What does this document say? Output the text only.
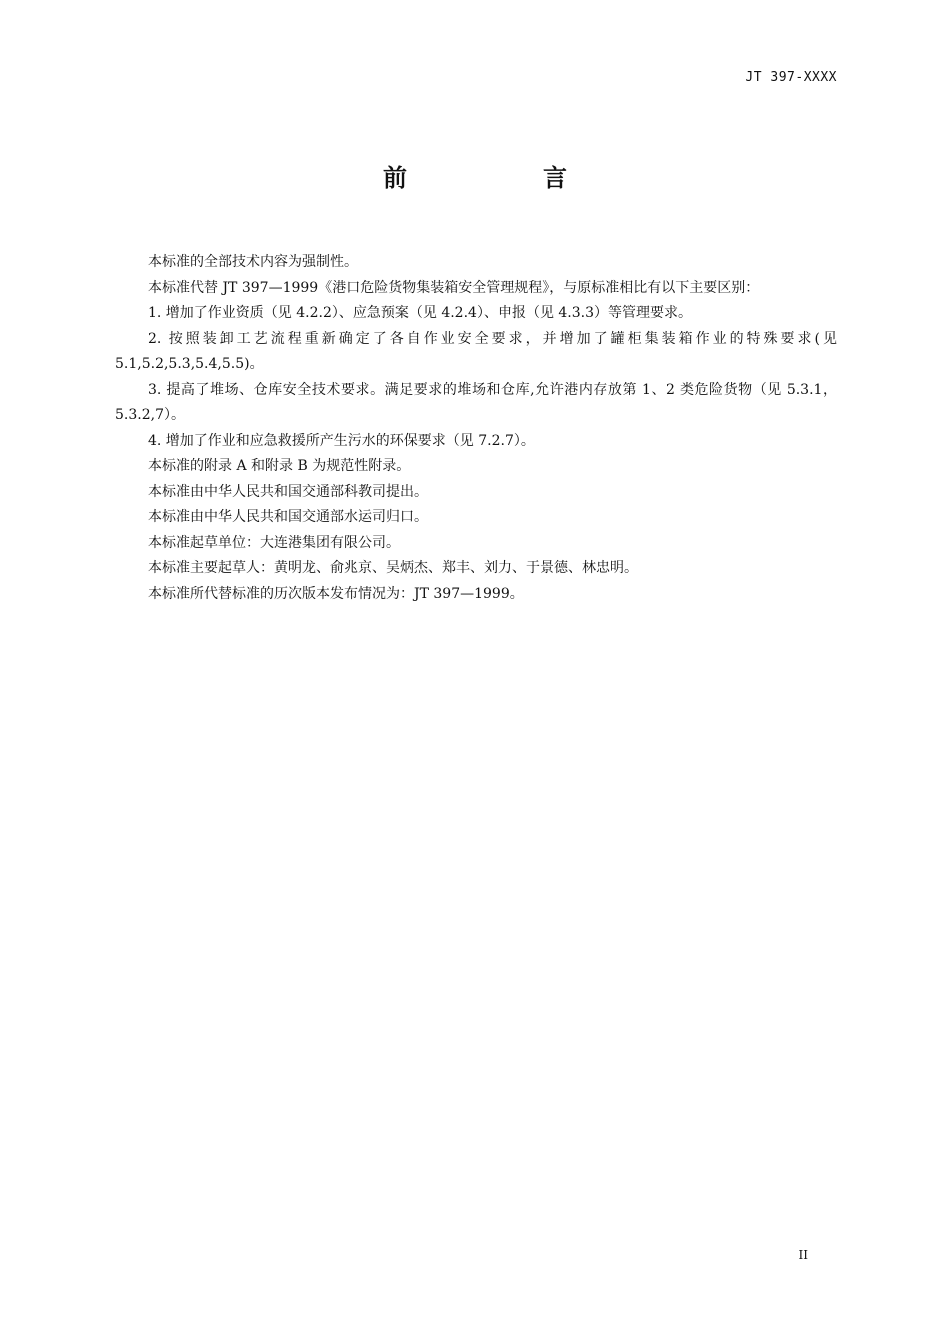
JT 397-XXXX
前　言

本标准的全部技术内容为强制性。

本标准代替 JT 397—1999《港口危险货物集装箱安全管理规程》，与原标准相比有以下主要区别：

1. 增加了作业资质（见 4.2.2）、应急预案（见 4.2.4）、申报（见 4.3.3）等管理要求。

2. 按照装卸工艺流程重新确定了各自作业安全要求，并增加了罐柜集装箱作业的特殊要求(见 5.1,5.2,5.3,5.4,5.5)。

3. 提高了堆场、仓库安全技术要求。满足要求的堆场和仓库,允许港内存放第 1、2 类危险货物（见 5.3.1，5.3.2,7）。

4. 增加了作业和应急救援所产生污水的环保要求（见 7.2.7）。

本标准的附录 A 和附录 B 为规范性附录。

本标准由中华人民共和国交通部科教司提出。

本标准由中华人民共和国交通部水运司归口。

本标准起草单位：大连港集团有限公司。

本标准主要起草人：黄明龙、俞兆京、吴炳杰、郑丰、刘力、于景德、林忠明。

本标准所代替标准的历次版本发布情况为：JT 397—1999。

II
